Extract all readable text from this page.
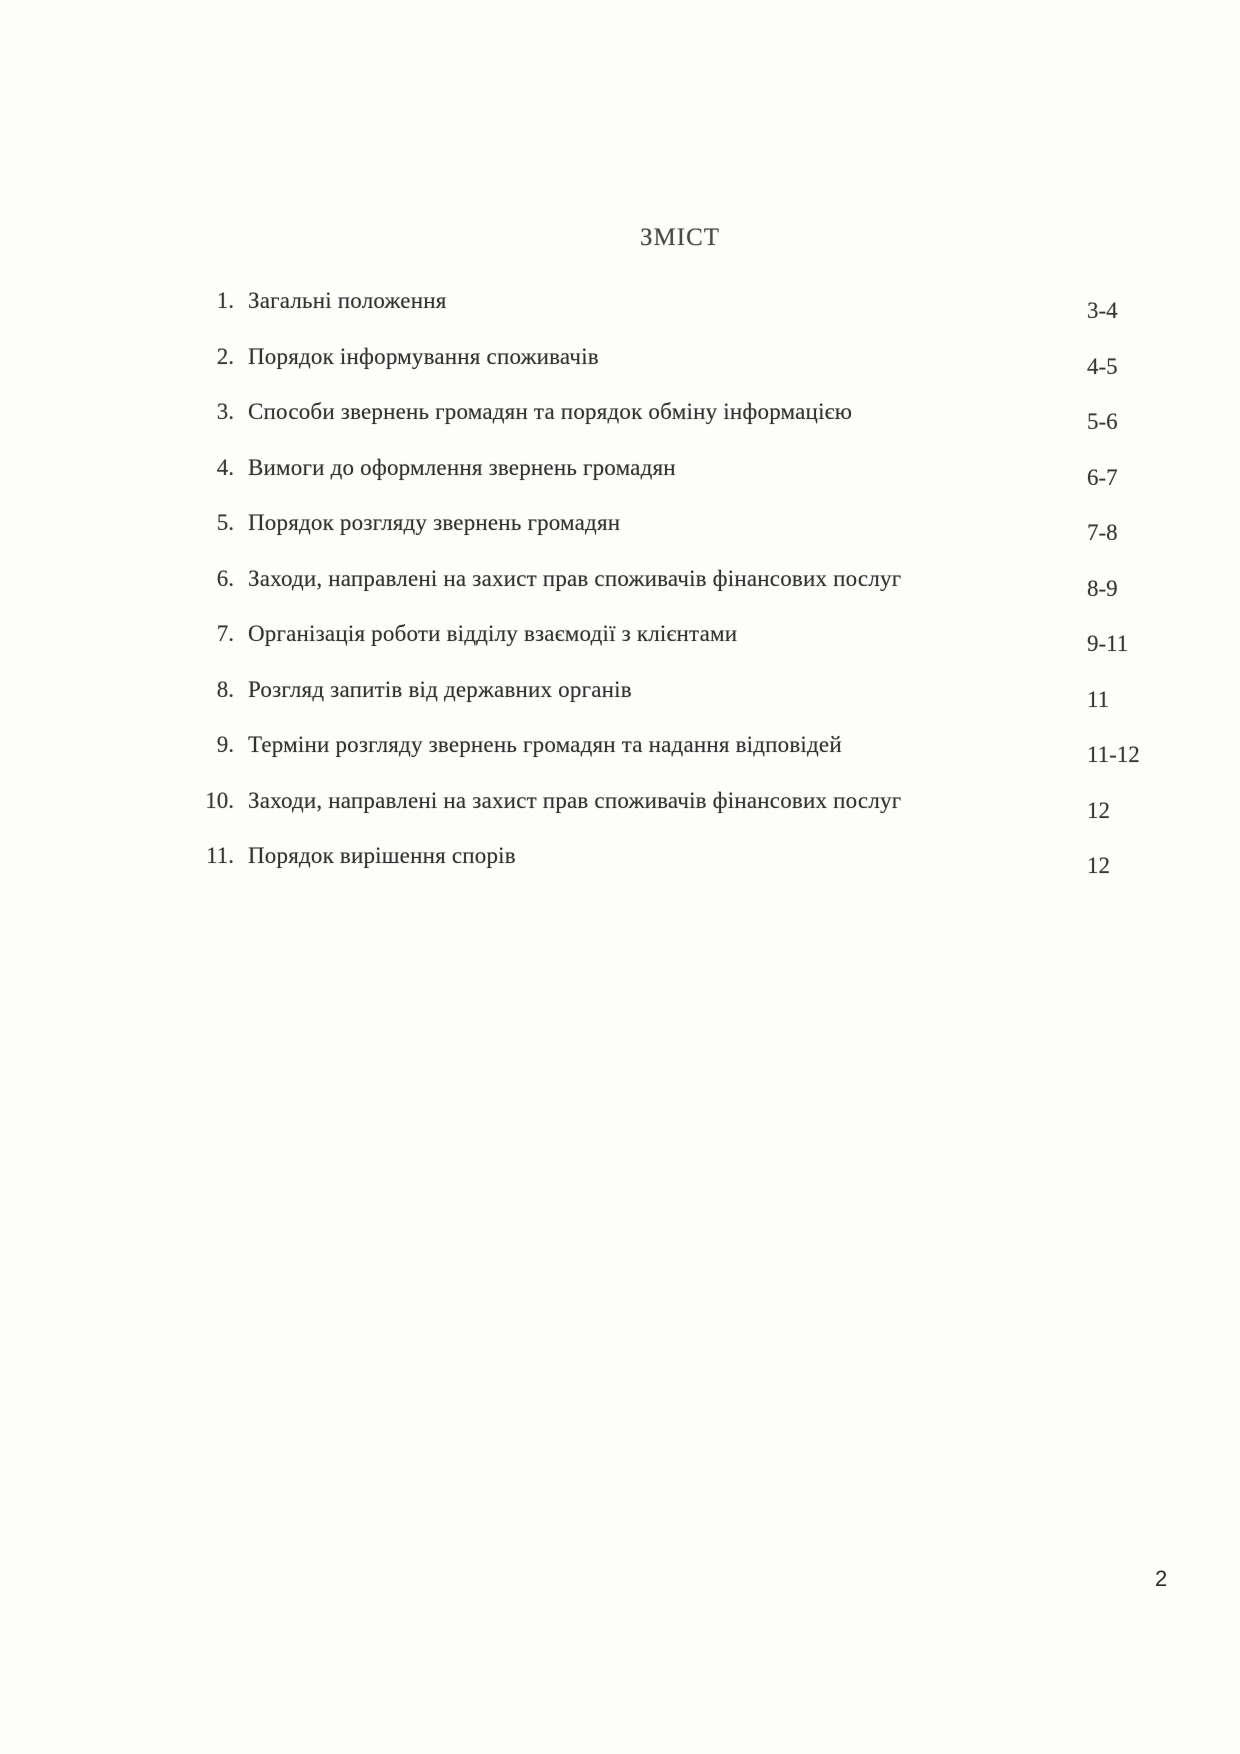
ЗМІСТ
1. Загальні положення	3-4
2. Порядок інформування споживачів	4-5
3. Способи звернень громадян та порядок обміну інформацією	5-6
4. Вимоги до оформлення звернень громадян	6-7
5. Порядок розгляду звернень громадян	7-8
6. Заходи, направлені на захист прав споживачів фінансових послуг	8-9
7. Організація роботи відділу взаємодії з клієнтами	9-11
8. Розгляд запитів від державних органів	11
9. Терміни розгляду звернень громадян та надання відповідей	11-12
10. Заходи, направлені на захист прав споживачів фінансових послуг	12
11. Порядок вирішення спорів	12
2
